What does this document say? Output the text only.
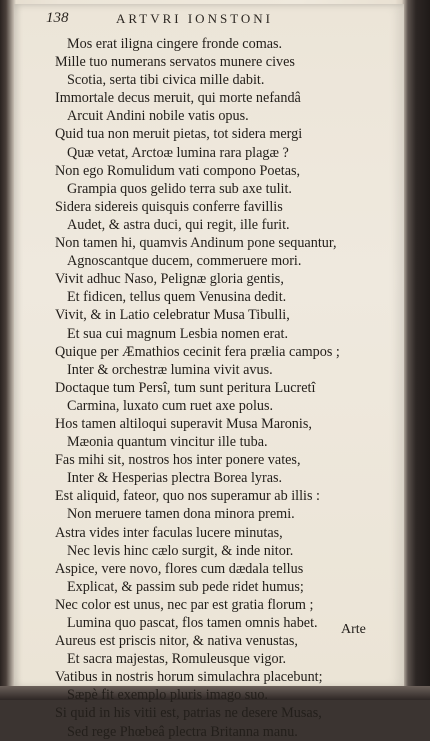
138	ARTVRI IONSTONI
Mos erat iligna cingere fronde comas.
Mille tuo numerans servatos munere cives
Scotia, serta tibi civica mille dabit.
Immortale decus meruit, qui morte nefandâ
Arcuit Andini nobile vatis opus.
Quid tua non meruit pietas, tot sidera mergi
Quæ vetat, Arctoæ lumina rara plagæ ?
Non ego Romulidum vati compono Poetas,
Grampia quos gelido terra sub axe tulit.
Sidera sidereis quisquis conferre favillis
Audet, & astra duci, qui regit, ille furit.
Non tamen hi, quamvis Andinum pone sequantur,
Agnoscantque ducem, commeruere mori.
Vivit adhuc Naso, Pelignæ gloria gentis,
Et fidicen, tellus quem Venusina dedit.
Vivit, & in Latio celebratur Musa Tibulli,
Et sua cui magnum Lesbia nomen erat.
Quique per Æmathios cecinit fera prælia campos ;
Inter & orchestræ lumina vivit avus.
Doctaque tum Persî, tum sunt peritura Lucretî
Carmina, luxato cum ruet axe polus.
Hos tamen altiloqui superavit Musa Maronis,
Mæonia quantum vincitur ille tuba.
Fas mihi sit, nostros hos inter ponere vates,
Inter & Hesperias plectra Borea lyras.
Est aliquid, fateor, quo nos superamur ab illis :
Non meruere tamen dona minora premi.
Astra vides inter faculas lucere minutas,
Nec levis hinc cælo surgit, & inde nitor.
Aspice, vere novo, flores cum dædala tellus
Explicat, & passim sub pede ridet humus;
Nec color est unus, nec par est gratia florum ;
Lumina quo pascat, flos tamen omnis habet.
Aureus est priscis nitor, & nativa venustas,
Et sacra majestas, Romuleusque vigor.
Vatibus in nostris horum simulachra placebunt;
Sæpè fit exemplo pluris imago suo.
Si quid in his vitii est, patrias ne desere Musas,
Sed rege Phœbeâ plectra Britanna manu.
Arte
